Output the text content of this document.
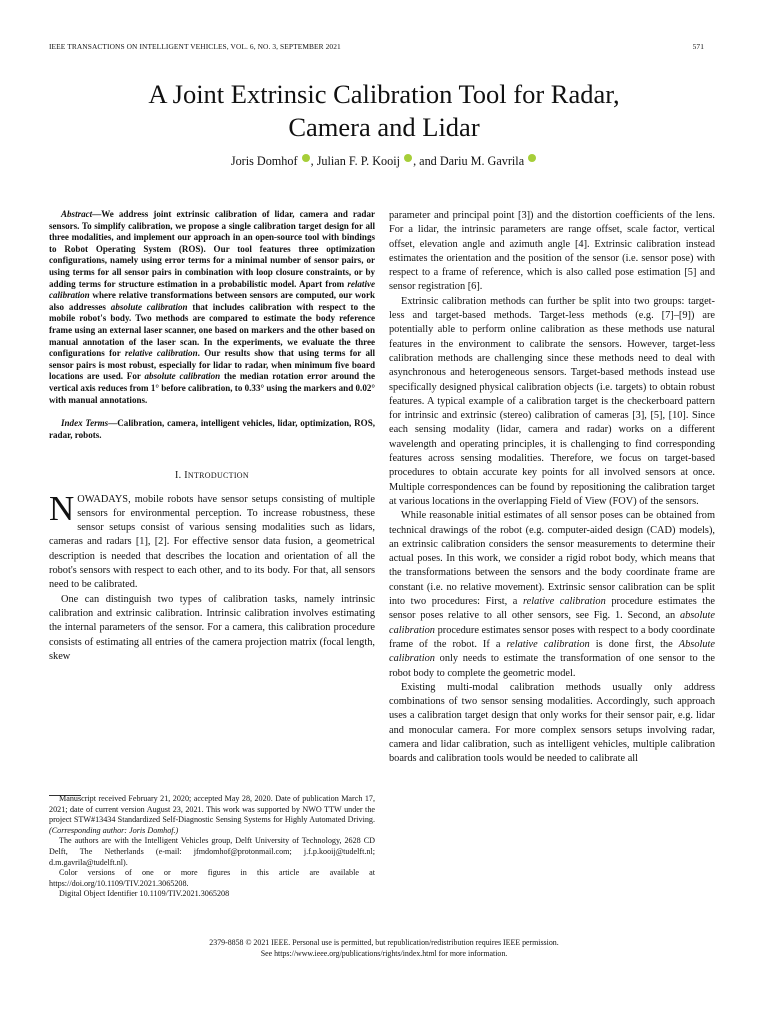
IEEE TRANSACTIONS ON INTELLIGENT VEHICLES, VOL. 6, NO. 3, SEPTEMBER 2021	571
A Joint Extrinsic Calibration Tool for Radar,
Camera and Lidar
Joris Domhof , Julian F. P. Kooij , and Dariu M. Gavrila

Abstract—We address joint extrinsic calibration of lidar, camera and radar sensors. To simplify calibration, we propose a single calibration target design for all three modalities, and implement our approach in an open-source tool with bindings to Robot Operating System (ROS). Our tool features three optimization configurations, namely using error terms for a minimal number of sensor pairs, or using terms for all sensor pairs in combination with loop closure constraints, or by adding terms for structure estimation in a probabilistic model. Apart from relative calibration where relative transformations between sensors are computed, our work also addresses absolute calibration that includes calibration with respect to the mobile robot's body. Two methods are compared to estimate the body reference frame using an external laser scanner, one based on markers and the other based on manual annotation of the laser scan. In the experiments, we evaluate the three configurations for relative calibration. Our results show that using terms for all sensor pairs is most robust, especially for lidar to radar, when minimum five board locations are used. For absolute calibration the median rotation error around the vertical axis reduces from 1° before calibration, to 0.33° using the markers and 0.02° with manual annotations.

Index Terms—Calibration, camera, intelligent vehicles, lidar, optimization, ROS, radar, robots.

I. INTRODUCTION

NOWADAYS, mobile robots have sensor setups consisting of multiple sensors for environmental perception. To increase robustness, these sensor setups consist of various sensing modalities such as lidars, cameras and radars [1], [2]. For effective sensor data fusion, a geometrical description is needed that describes the location and orientation of all the robot's sensors with respect to each other, and to its body. For that, all sensors need to be calibrated.

One can distinguish two types of calibration tasks, namely intrinsic calibration and extrinsic calibration. Intrinsic calibration involves estimating the internal parameters of the sensor. For a camera, this calibration procedure consists of estimating all entries of the camera projection matrix (focal length, skew

Manuscript received February 21, 2020; accepted May 28, 2020. Date of publication March 17, 2021; date of current version August 23, 2021. This work was supported by NWO TTW under the project STW#13434 Standardized Self-Diagnostic Sensing Systems for Highly Automated Driving. (Corresponding author: Joris Domhof.)

The authors are with the Intelligent Vehicles group, Delft University of Technology, 2628 CD Delft, The Netherlands (e-mail: jfmdomhof@protonmail.com; j.f.p.kooij@tudelft.nl; d.m.gavrila@tudelft.nl).

Color versions of one or more figures in this article are available at https://doi.org/10.1109/TIV.2021.3065208.

Digital Object Identifier 10.1109/TIV.2021.3065208

parameter and principal point [3]) and the distortion coefficients of the lens. For a lidar, the intrinsic parameters are range offset, scale factor, vertical offset, elevation angle and azimuth angle [4]. Extrinsic calibration instead estimates the orientation and the position of the sensor (i.e. sensor pose) with respect to a frame of reference, which is also called pose estimation [5] and sensor registration [6].

Extrinsic calibration methods can further be split into two groups: target-less and target-based methods. Target-less methods (e.g. [7]–[9]) are potentially able to perform online calibration as these methods use natural features in the environment to calibrate the sensors. However, target-less calibration methods are challenging since these methods need to deal with asynchronous and heterogeneous sensors. Target-based methods instead use specifically designed physical calibration objects (i.e. targets) to obtain robust features. A typical example of a calibration target is the checkerboard pattern for intrinsic and extrinsic (stereo) calibration of cameras [3], [5], [10]. Since each sensing modality (lidar, camera and radar) works on a different wavelength and operating principles, it is challenging to find corresponding features across sensing modalities. Therefore, we focus on target-based procedures to obtain accurate key points for all involved sensors at once. Multiple correspondences can be found by repositioning the calibration target at various locations in the overlapping Field of View (FOV) of the sensors.

While reasonable initial estimates of all sensor poses can be obtained from technical drawings of the robot (e.g. computer-aided design (CAD) models), an extrinsic calibration considers the sensor measurements to determine their actual poses. In this work, we consider a rigid robot body, which means that the transformations between the sensors and the body coordinate frame are constant (i.e. no relative movement). Extrinsic sensor calibration can be split into two procedures: First, a relative calibration procedure estimates the sensor poses relative to all other sensors, see Fig. 1. Second, an absolute calibration procedure estimates sensor poses with respect to a body coordinate frame of the robot. If a relative calibration is done first, the Absolute calibration only needs to estimate the transformation of one sensor to the robot body to complete the geometric model.

Existing multi-modal calibration methods usually only address combinations of two sensor sensing modalities. Accordingly, such approach uses a calibration target design that only works for their sensor pair, e.g. lidar and monocular camera. For more complex sensors setups involving radar, camera and lidar calibration, such as intelligent vehicles, multiple calibration boards and calibration tools would be needed to calibrate all

2379-8858 © 2021 IEEE. Personal use is permitted, but republication/redistribution requires IEEE permission.
See https://www.ieee.org/publications/rights/index.html for more information.
